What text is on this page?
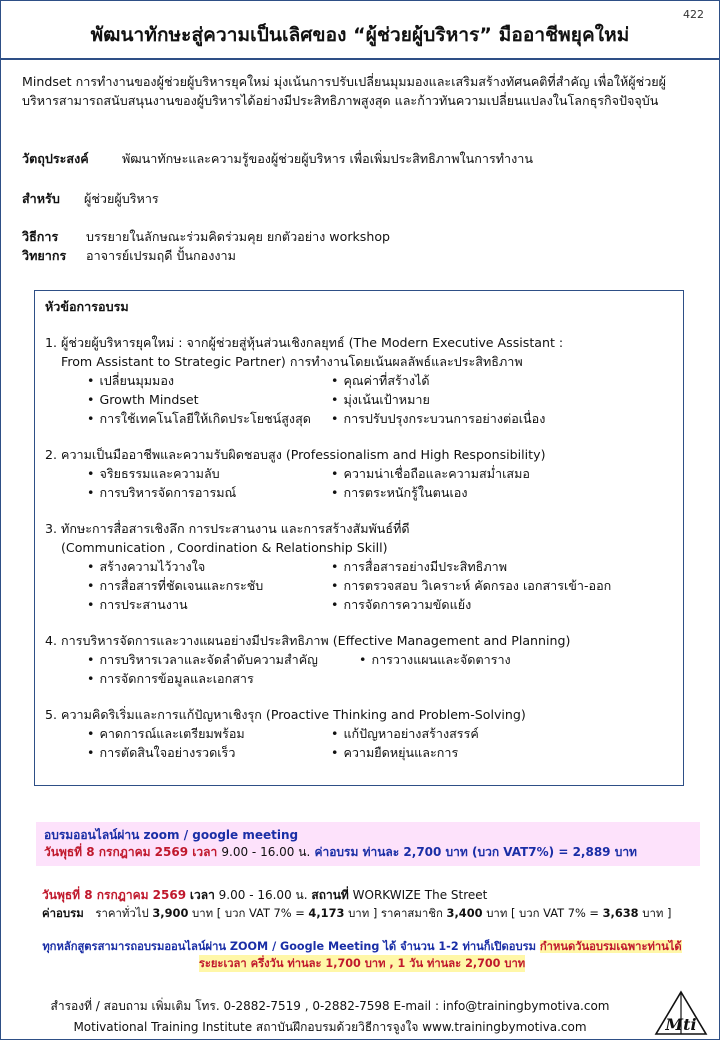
422
พัฒนาทักษะสู่ความเป็นเลิศของ “ผู้ช่วยผู้บริหาร” มืออาชีพยุคใหม่
Mindset การทำงานของผู้ช่วยผู้บริหารยุคใหม่ มุ่งเน้นการปรับเปลี่ยนมุมมองและเสริมสร้างทัศนคติที่สำคัญ เพื่อให้ผู้ช่วยผู้บริหารสามารถสนับสนุนงานของผู้บริหารได้อย่างมีประสิทธิภาพสูงสุด และก้าวทันความเปลี่ยนแปลงในโลกธุรกิจปัจจุบัน
วัตถุประสงค์	พัฒนาทักษะและความรู้ของผู้ช่วยผู้บริหาร เพื่อเพิ่มประสิทธิภาพในการทำงาน
สำหรับ ผู้ช่วยผู้บริหาร
วิธีการ บรรยายในลักษณะร่วมคิดร่วมคุย ยกตัวอย่าง workshop
วิทยากร อาจารย์เปรมฤดี ปั้นกองงาม
หัวข้อการอบรม
1. ผู้ช่วยผู้บริหารยุคใหม่ : จากผู้ช่วยสู่หุ้นส่วนเชิงกลยุทธ์ (The Modern Executive Assistant :
From Assistant to Strategic Partner) การทำงานโดยเน้นผลลัพธ์และประสิทธิภาพ
• เปลี่ยนมุมมอง	• คุณค่าที่สร้างได้
• Growth Mindset	• มุ่งเน้นเป้าหมาย
• การใช้เทคโนโลยีให้เกิดประโยชน์สูงสุด	• การปรับปรุงกระบวนการอย่างต่อเนื่อง
2. ความเป็นมืออาชีพและความรับผิดชอบสูง (Professionalism and High Responsibility)
• จริยธรรมและความลับ	• ความน่าเชื่อถือและความสม่ำเสมอ
• การบริหารจัดการอารมณ์	• การตระหนักรู้ในตนเอง
3. ทักษะการสื่อสารเชิงลึก การประสานงาน และการสร้างสัมพันธ์ที่ดี
(Communication , Coordination & Relationship Skill)
• สร้างความไว้วางใจ	• การสื่อสารอย่างมีประสิทธิภาพ
• การสื่อสารที่ชัดเจนและกระชับ	• การตรวจสอบ วิเคราะห์ คัดกรอง เอกสารเข้า-ออก
• การประสานงาน	• การจัดการความขัดแย้ง
4. การบริหารจัดการและวางแผนอย่างมีประสิทธิภาพ (Effective Management and Planning)
• การบริหารเวลาและจัดลำดับความสำคัญ	• การวางแผนและจัดตาราง
• การจัดการข้อมูลและเอกสาร
5. ความคิดริเริ่มและการแก้ปัญหาเชิงรุก (Proactive Thinking and Problem-Solving)
• คาดการณ์และเตรียมพร้อม	• แก้ปัญหาอย่างสร้างสรรค์
• การตัดสินใจอย่างรวดเร็ว	• ความยืดหยุ่นและการ
อบรมออนไลน์ผ่าน zoom / google meeting
วันพุธที่ 8 กรกฎาคม 2569 เวลา 9.00 - 16.00 น. ค่าอบรม ท่านละ 2,700 บาท (บวก VAT7%) = 2,889 บาท
วันพุธที่ 8 กรกฎาคม 2569 เวลา 9.00 - 16.00 น. สถานที่ WORKWIZE The Street
ค่าอบรม ราคาทั่วไป 3,900 บาท [ บวก VAT 7% = 4,173 บาท ] ราคาสมาชิก 3,400 บาท [ บวก VAT 7% = 3,638 บาท ]
ทุกหลักสูตรสามารถอบรมออนไลน์ผ่าน ZOOM / Google Meeting ได้ จำนวน 1-2 ท่านก็เปิดอบรม กำหนดวันอบรมเฉพาะท่านได้
ระยะเวลา ครึ่งวัน ท่านละ 1,700 บาท , 1 วัน ท่านละ 2,700 บาท
สำรองที่ / สอบถาม เพิ่มเติม โทร. 0-2882-7519 , 0-2882-7598 E-mail : info@trainingbymotiva.com
Motivational Training Institute สถาบันฝึกอบรมด้วยวิธีการจูงใจ www.trainingbymotiva.com	Mti
